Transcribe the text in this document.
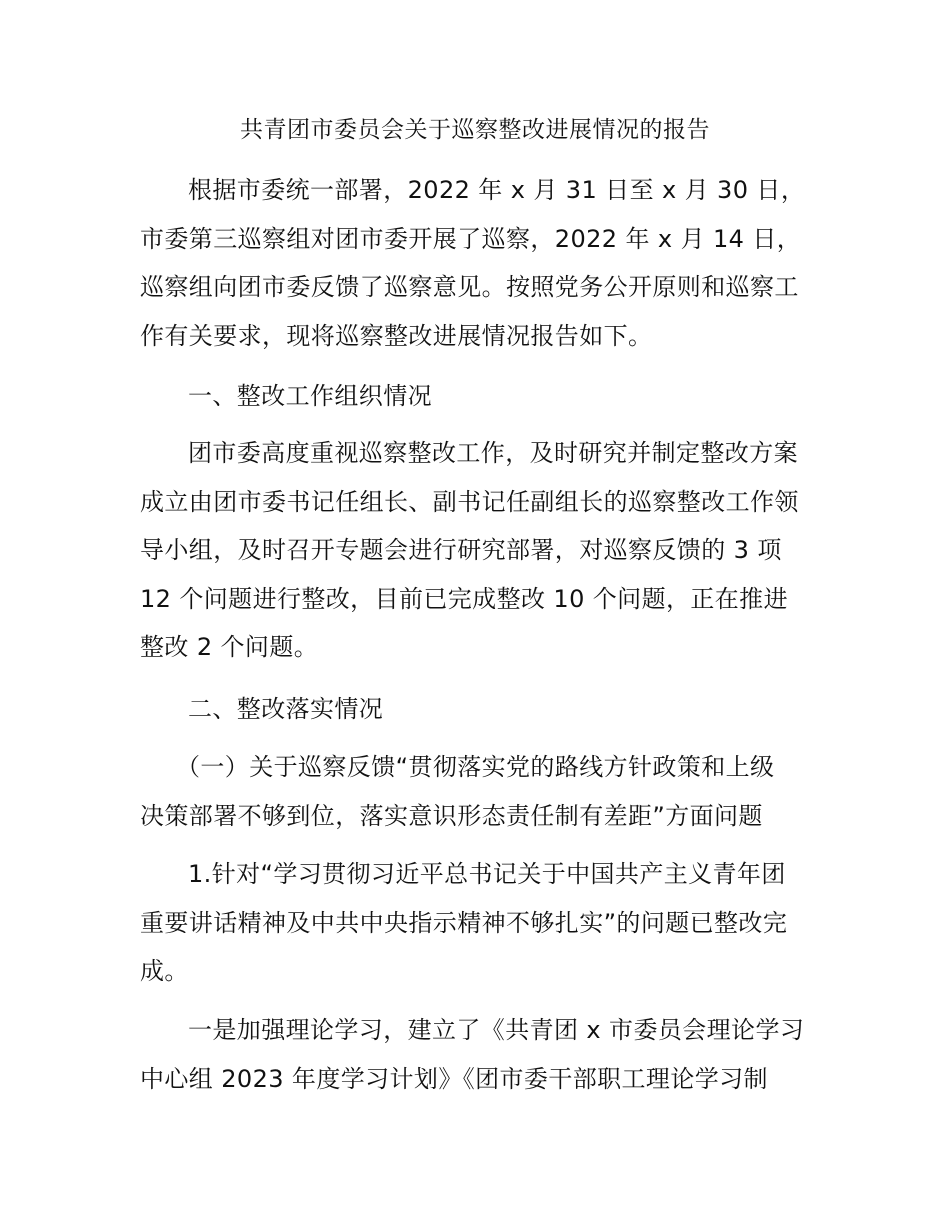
共青团市委员会关于巡察整改进展情况的报告
根据市委统一部署，2022 年 x 月 31 日至 x 月 30 日，
市委第三巡察组对团市委开展了巡察，2022 年 x 月 14 日，
巡察组向团市委反馈了巡察意见。按照党务公开原则和巡察工
作有关要求，现将巡察整改进展情况报告如下。
一、整改工作组织情况
团市委高度重视巡察整改工作，及时研究并制定整改方案
成立由团市委书记任组长、副书记任副组长的巡察整改工作领
导小组，及时召开专题会进行研究部署，对巡察反馈的 3 项
12 个问题进行整改，目前已完成整改 10 个问题，正在推进
整改 2 个问题。
二、整改落实情况
（一）关于巡察反馈“贯彻落实党的路线方针政策和上级
决策部署不够到位，落实意识形态责任制有差距”方面问题
1.针对“学习贯彻习近平总书记关于中国共产主义青年团
重要讲话精神及中共中央指示精神不够扎实”的问题已整改完
成。
一是加强理论学习，建立了《共青团 x 市委员会理论学习
中心组 2023 年度学习计划》《团市委干部职工理论学习制
